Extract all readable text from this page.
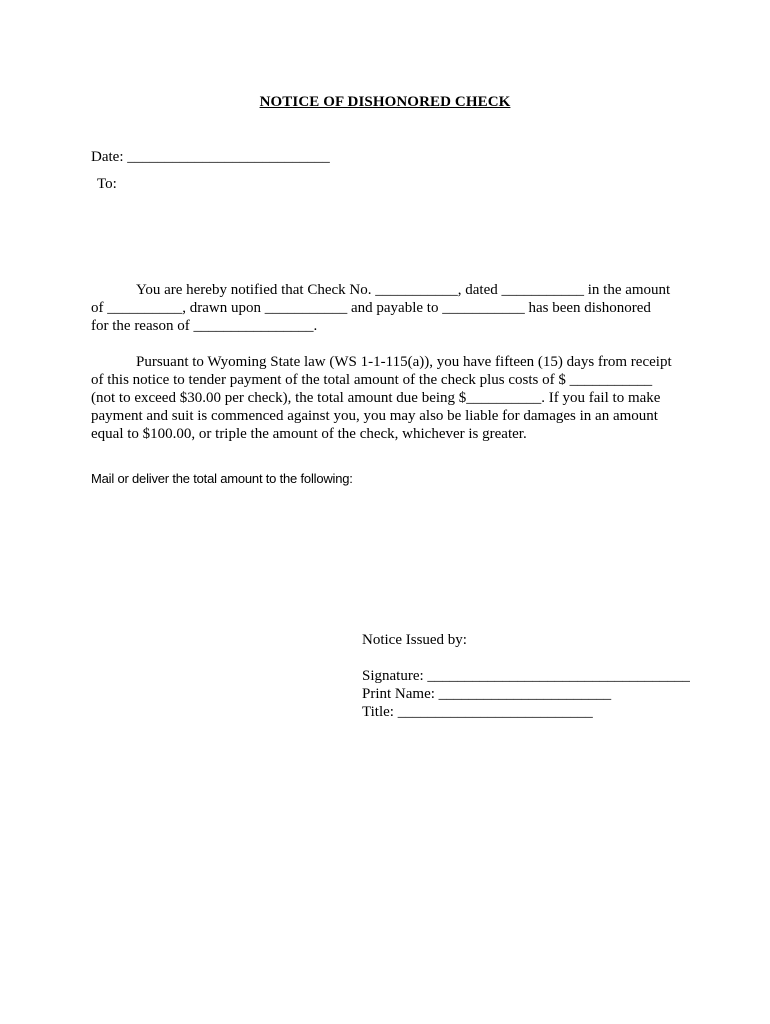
NOTICE OF DISHONORED CHECK
Date: ___________________________
To:
You are hereby notified that Check No. ___________, dated ___________ in the amount
of __________, drawn upon ___________ and payable to ___________ has been dishonored
for the reason of ________________.
Pursuant to Wyoming State law (WS 1-1-115(a)), you have fifteen (15) days from receipt
of this notice to tender payment of the total amount of the check plus costs of $ ___________
(not to exceed $30.00 per check), the total amount due being $__________. If you fail to make
payment and suit is commenced against you, you may also be liable for damages in an amount
equal to $100.00, or triple the amount of the check, whichever is greater.
Mail or deliver the total amount to the following:
Notice Issued by:
Signature: ___________________________________
Print Name: _______________________
Title: __________________________
